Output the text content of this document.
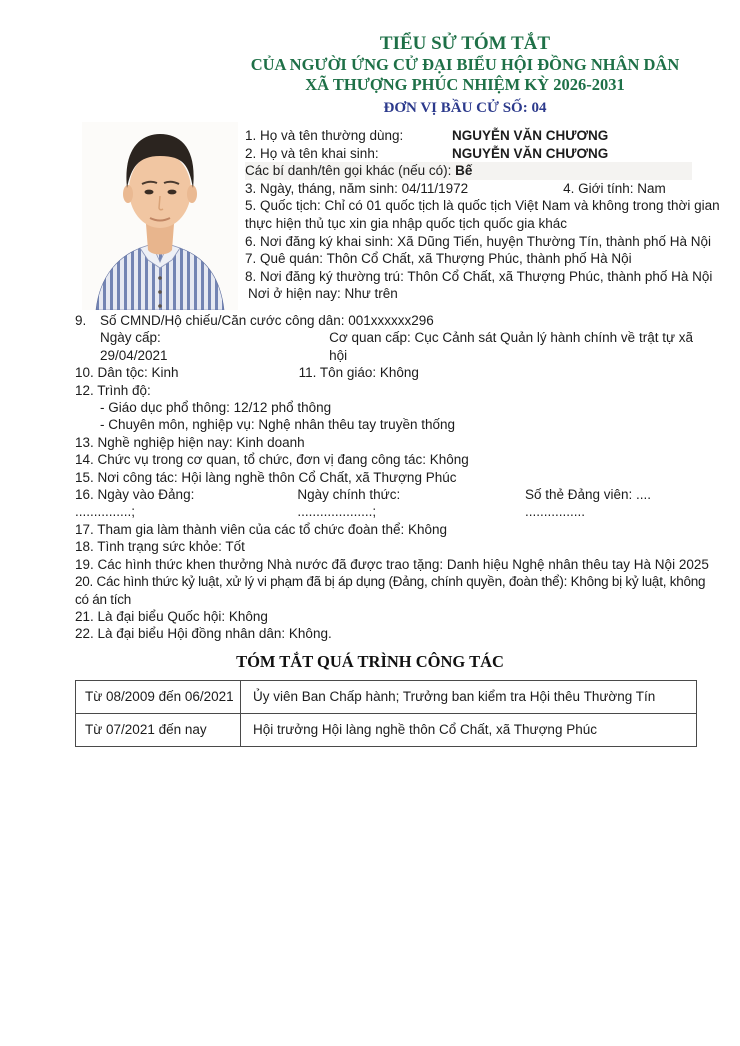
TIỂU SỬ TÓM TẮT
CỦA NGƯỜI ỨNG CỬ ĐẠI BIỂU HỘI ĐỒNG NHÂN DÂN
XÃ THƯỢNG PHÚC NHIỆM KỲ 2026-2031
ĐƠN VỊ BẦU CỬ SỐ: 04
1. Họ và tên thường dùng:	NGUYỄN VĂN CHƯƠNG
2. Họ và tên khai sinh:	NGUYỄN VĂN CHƯƠNG
Các bí danh/tên gọi khác (nếu có): Bế
3. Ngày, tháng, năm sinh: 04/11/1972	4. Giới tính: Nam
5. Quốc tịch: Chỉ có 01 quốc tịch là quốc tịch Việt Nam và không trong thời gian thực hiện thủ tục xin gia nhập quốc tịch quốc gia khác
6. Nơi đăng ký khai sinh: Xã Dũng Tiến, huyện Thường Tín, thành phố Hà Nội
7. Quê quán: Thôn Cổ Chất, xã Thượng Phúc, thành phố Hà Nội
8. Nơi đăng ký thường trú: Thôn Cổ Chất, xã Thượng Phúc, thành phố Hà Nội
Nơi ở hiện nay: Như trên
9. Số CMND/Hộ chiếu/Căn cước công dân: 001xxxxxx296
Ngày cấp: 29/04/2021
Cơ quan cấp: Cục Cảnh sát Quản lý hành chính về trật tự xã hội
10. Dân tộc: Kinh	11. Tôn giáo: Không
12. Trình độ:
- Giáo dục phổ thông: 12/12 phổ thông
- Chuyên môn, nghiệp vụ: Nghệ nhân thêu tay truyền thống
13. Nghề nghiệp hiện nay: Kinh doanh
14. Chức vụ trong cơ quan, tổ chức, đơn vị đang công tác: Không
15. Nơi công tác: Hội làng nghề thôn Cổ Chất, xã Thượng Phúc
16. Ngày vào Đảng: ...............;
Ngày chính thức: ....................;
Số thẻ Đảng viên: .... ................
17. Tham gia làm thành viên của các tổ chức đoàn thể: Không
18. Tình trạng sức khỏe: Tốt
19. Các hình thức khen thưởng Nhà nước đã được trao tặng: Danh hiệu Nghệ nhân thêu tay Hà Nội 2025
20. Các hình thức kỷ luật, xử lý vi phạm đã bị áp dụng (Đảng, chính quyền, đoàn thể): Không bị kỷ luật, không có án tích
21. Là đại biểu Quốc hội: Không
22. Là đại biểu Hội đồng nhân dân: Không.
TÓM TẮT QUÁ TRÌNH CÔNG TÁC
Từ 08/2009 đến 06/2021	Ủy viên Ban Chấp hành; Trưởng ban kiểm tra Hội thêu Thường Tín
Từ 07/2021 đến nay	Hội trưởng Hội làng nghề thôn Cổ Chất, xã Thượng Phúc
